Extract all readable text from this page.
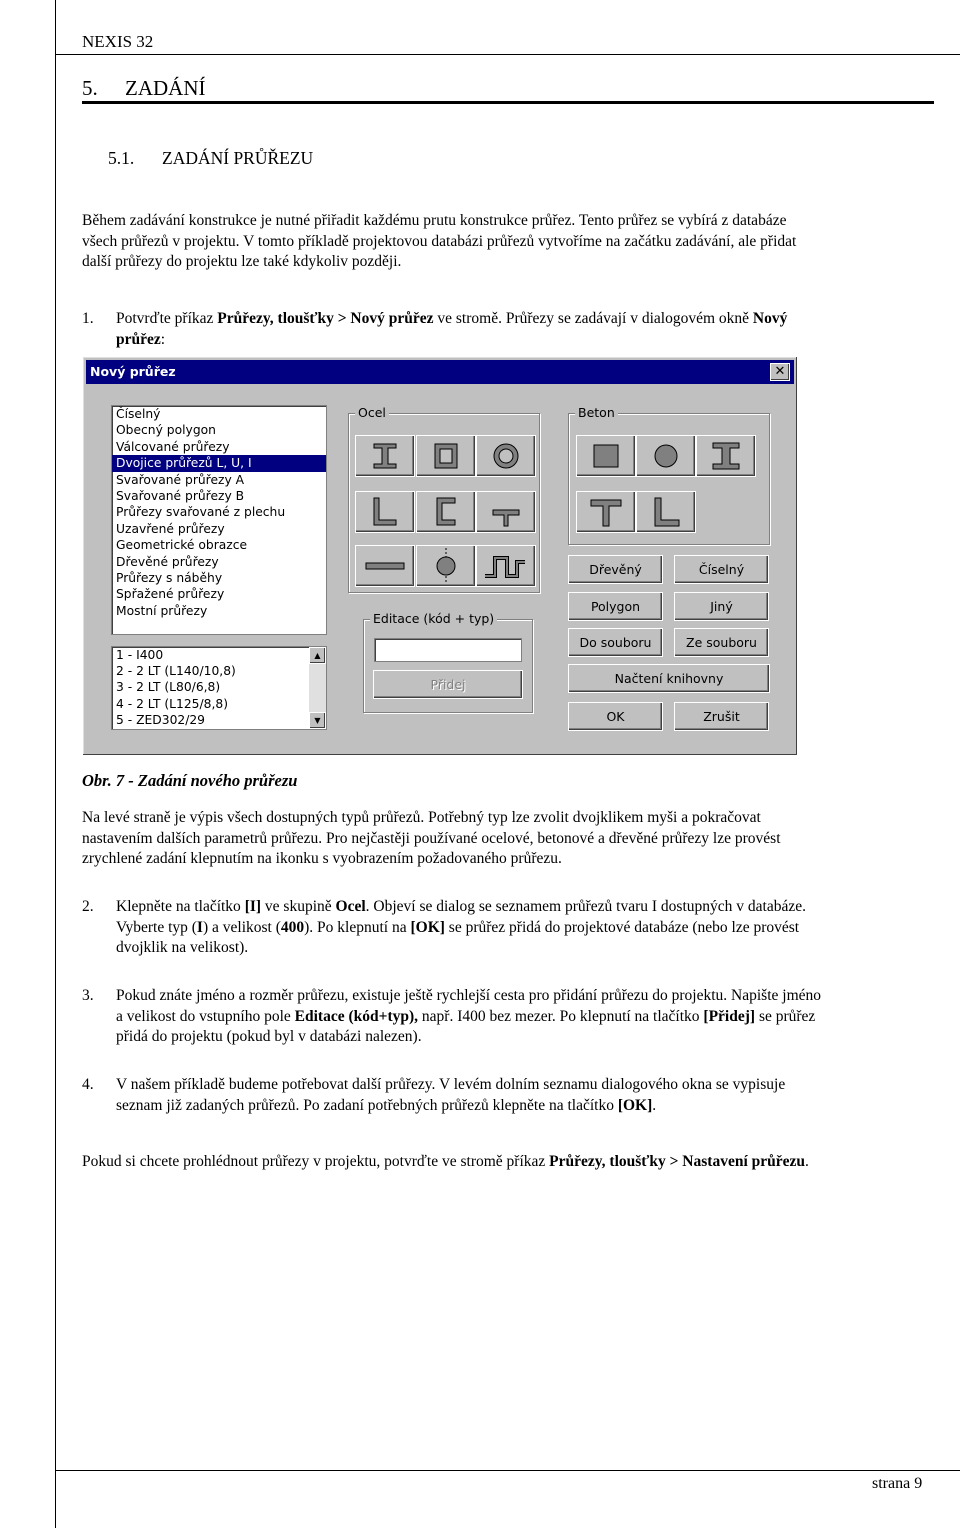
NEXIS 32
5. ZADÁNÍ
5.1. ZADÁNÍ PRŮŘEZU
Během zadávání konstrukce je nutné přiřadit každému prutu konstrukce průřez. Tento průřez se vybírá z databáze
všech průřezů v projektu. V tomto příkladě projektovou databázi průřezů vytvoříme na začátku zadávání, ale přidat
další průřezy do projektu lze také kdykoliv později.
1. Potvrďte příkaz Průřezy, tloušťky > Nový průřez ve stromě. Průřezy se zadávají v dialogovém okně Nový
průřez:
Nový průřez	✕
Číselný
Obecný polygon
Válcované průřezy
Dvojice průřezů L, U, I
Svařované průřezy A
Svařované průřezy B
Průřezy svařované z plechu
Uzavřené průřezy
Geometrické obrazce
Dřevěné průřezy
Průřezy s náběhy
Spřažené průřezy
Mostní průřezy
1 - I400
2 - 2 LT (L140/10,8)
3 - 2 LT (L80/6,8)
4 - 2 LT (L125/8,8)
5 - ZED302/29
▲
▼
Ocel	Beton
Editace (kód + typ)
Přidej
Dřevěný	Číselný
Polygon	Jiný
Do souboru	Ze souboru
Načtení knihovny
OK	Zrušit
Obr. 7 - Zadání nového průřezu
Na levé straně je výpis všech dostupných typů průřezů. Potřebný typ lze zvolit dvojklikem myši a pokračovat
nastavením dalších parametrů průřezu. Pro nejčastěji používané ocelové, betonové a dřevěné průřezy lze provést
zrychlené zadání klepnutím na ikonku s vyobrazením požadovaného průřezu.
2. Klepněte na tlačítko [I] ve skupině Ocel. Objeví se dialog se seznamem průřezů tvaru I dostupných v databáze.
Vyberte typ (I) a velikost (400). Po klepnutí na [OK] se průřez přidá do projektové databáze (nebo lze provést
dvojklik na velikost).
3. Pokud znáte jméno a rozměr průřezu, existuje ještě rychlejší cesta pro přidání průřezu do projektu. Napište jméno
a velikost do vstupního pole Editace (kód+typ), např. I400 bez mezer. Po klepnutí na tlačítko [Přidej] se průřez
přidá do projektu (pokud byl v databázi nalezen).
4. V našem příkladě budeme potřebovat další průřezy. V levém dolním seznamu dialogového okna se vypisuje
seznam již zadaných průřezů. Po zadaní potřebných průřezů klepněte na tlačítko [OK].
Pokud si chcete prohlédnout průřezy v projektu, potvrďte ve stromě příkaz Průřezy, tloušťky > Nastavení průřezu.
strana 9
